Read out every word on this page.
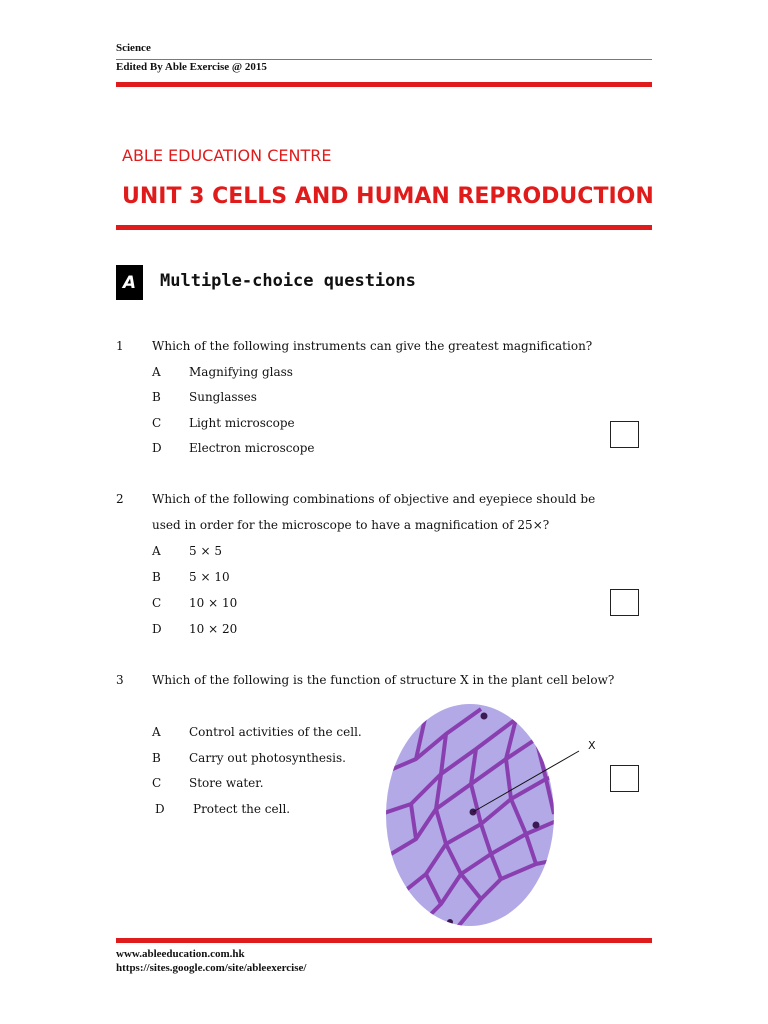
Science
Edited By Able Exercise @ 2015
ABLE EDUCATION CENTRE
UNIT 3 CELLS AND HUMAN REPRODUCTION
A	Multiple-choice questions
1 Which of the following instruments can give the greatest magnification?
A Magnifying glass
B Sunglasses
C Light microscope
D Electron microscope
2 Which of the following combinations of objective and eyepiece should be
used in order for the microscope to have a magnification of 25×?
A 5 × 5
B 5 × 10
C 10 × 10
D 10 × 20
3 Which of the following is the function of structure X in the plant cell below?
A Control activities of the cell.
B Carry out photosynthesis.
C Store water.
D Protect the cell.
X
www.ableeducation.com.hk
https://sites.google.com/site/ableexercise/
